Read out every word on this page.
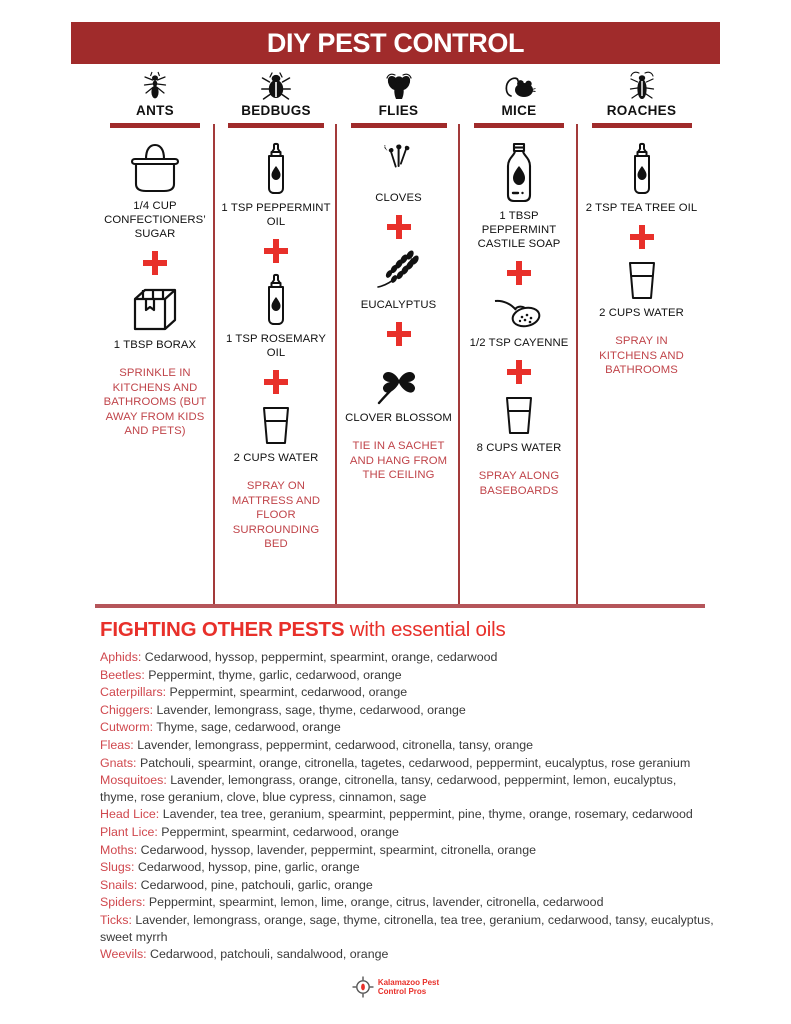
DIY PEST CONTROL
ANTS
1/4 CUP CONFECTIONERS’ SUGAR
1 TBSP BORAX
SPRINKLE IN KITCHENS AND BATHROOMS (BUT AWAY FROM KIDS AND PETS)
BEDBUGS
1 TSP PEPPERMINT OIL
1 TSP ROSEMARY OIL
2 CUPS WATER
SPRAY ON MATTRESS AND FLOOR SURROUNDING BED
FLIES
CLOVES
EUCALYPTUS
CLOVER BLOSSOM
TIE IN A SACHET AND HANG FROM THE CEILING
MICE
1 TBSP PEPPERMINT CASTILE SOAP
1/2 TSP CAYENNE
8 CUPS WATER
SPRAY ALONG BASEBOARDS
ROACHES
2 TSP TEA TREE OIL
2 CUPS WATER
SPRAY IN KITCHENS AND BATHROOMS
FIGHTING OTHER PESTS with essential oils
Aphids: Cedarwood, hyssop, peppermint, spearmint, orange, cedarwood
Beetles: Peppermint, thyme, garlic, cedarwood, orange
Caterpillars: Peppermint, spearmint, cedarwood, orange
Chiggers: Lavender, lemongrass, sage, thyme, cedarwood, orange
Cutworm: Thyme, sage, cedarwood, orange
Fleas: Lavender, lemongrass, peppermint, cedarwood, citronella, tansy, orange
Gnats: Patchouli, spearmint, orange, citronella, tagetes, cedarwood, peppermint, eucalyptus, rose geranium
Mosquitoes: Lavender, lemongrass, orange, citronella, tansy, cedarwood, peppermint, lemon, eucalyptus, thyme, rose geranium, clove, blue cypress, cinnamon, sage
Head Lice: Lavender, tea tree, geranium, spearmint, peppermint, pine, thyme, orange, rosemary, cedarwood
Plant Lice: Peppermint, spearmint, cedarwood, orange
Moths: Cedarwood, hyssop, lavender, peppermint, spearmint, citronella, orange
Slugs: Cedarwood, hyssop, pine, garlic, orange
Snails: Cedarwood, pine, patchouli, garlic, orange
Spiders: Peppermint, spearmint, lemon, lime, orange, citrus, lavender, citronella, cedarwood
Ticks: Lavender, lemongrass, orange, sage, thyme, citronella, tea tree, geranium, cedarwood, tansy, eucalyptus, sweet myrrh
Weevils: Cedarwood, patchouli, sandalwood, orange
Kalamazoo Pest
Control Pros
